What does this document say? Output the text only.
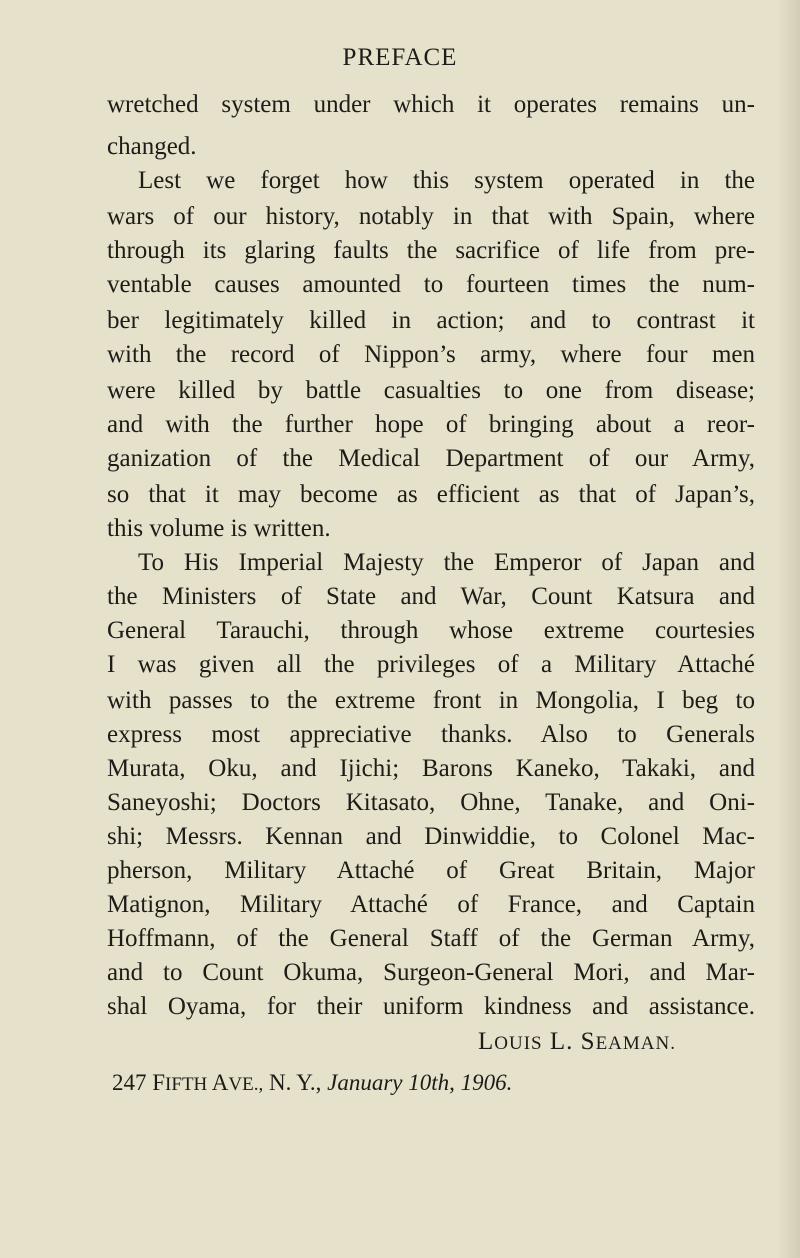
PREFACE
wretched system under which it operates remains un-
changed.
Lest we forget how this system operated in the
wars of our history, notably in that with Spain, where
through its glaring faults the sacrifice of life from pre-
ventable causes amounted to fourteen times the num-
ber legitimately killed in action; and to contrast it
with the record of Nippon’s army, where four men
were killed by battle casualties to one from disease;
and with the further hope of bringing about a reor-
ganization of the Medical Department of our Army,
so that it may become as efficient as that of Japan’s,
this volume is written.
To His Imperial Majesty the Emperor of Japan and
the Ministers of State and War, Count Katsura and
General Tarauchi, through whose extreme courtesies
I was given all the privileges of a Military Attaché
with passes to the extreme front in Mongolia, I beg to
express most appreciative thanks. Also to Generals
Murata, Oku, and Ijichi; Barons Kaneko, Takaki, and
Saneyoshi; Doctors Kitasato, Ohne, Tanake, and Oni-
shi; Messrs. Kennan and Dinwiddie, to Colonel Mac-
pherson, Military Attaché of Great Britain, Major
Matignon, Military Attaché of France, and Captain
Hoffmann, of the General Staff of the German Army,
and to Count Okuma, Surgeon-General Mori, and Mar-
shal Oyama, for their uniform kindness and assistance.
LOUIS L. SEAMAN.
247 FIFTH AVE., N. Y., January 10th, 1906.
